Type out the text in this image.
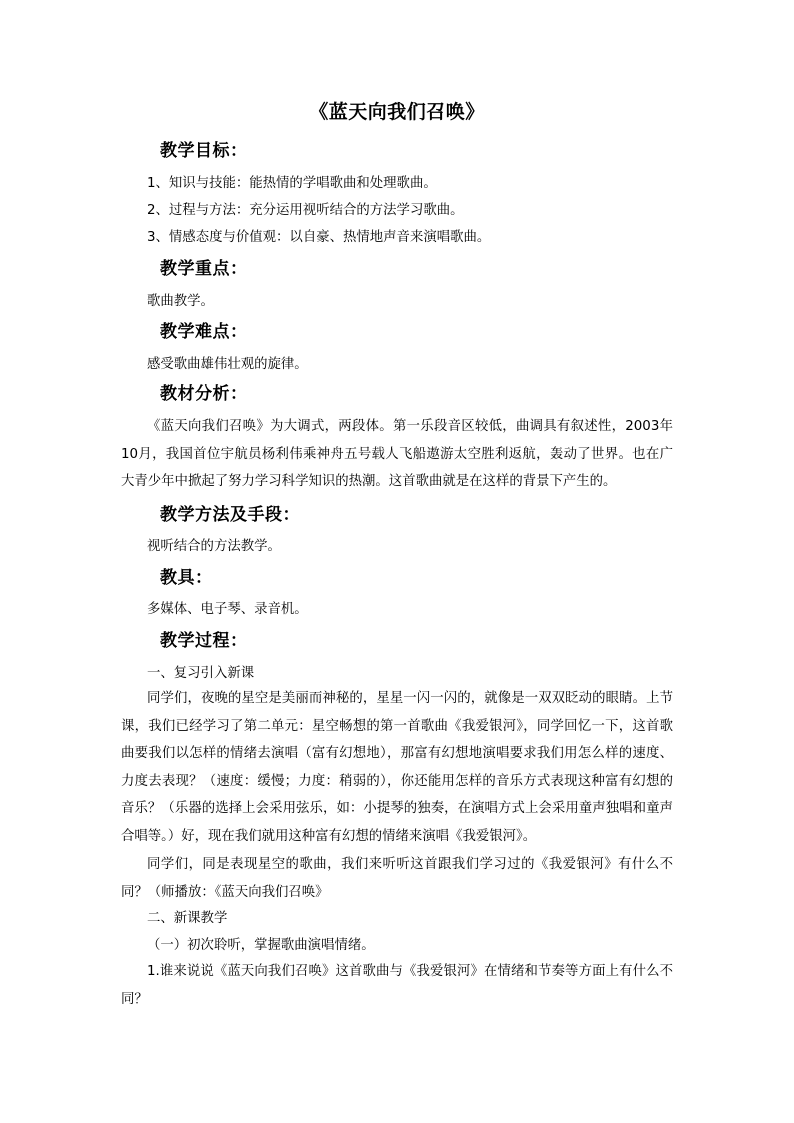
《蓝天向我们召唤》
教学目标：
1、知识与技能：能热情的学唱歌曲和处理歌曲。
2、过程与方法：充分运用视听结合的方法学习歌曲。
3、情感态度与价值观：以自豪、热情地声音来演唱歌曲。
教学重点：
歌曲教学。
教学难点：
感受歌曲雄伟壮观的旋律。
教材分析：
《蓝天向我们召唤》为大调式，两段体。第一乐段音区较低，曲调具有叙述性，2003年10月，我国首位宇航员杨利伟乘神舟五号载人飞船遨游太空胜利返航，轰动了世界。也在广大青少年中掀起了努力学习科学知识的热潮。这首歌曲就是在这样的背景下产生的。
教学方法及手段：
视听结合的方法教学。
教具：
多媒体、电子琴、录音机。
教学过程：
一、复习引入新课
同学们，夜晚的星空是美丽而神秘的，星星一闪一闪的，就像是一双双眨动的眼睛。上节课，我们已经学习了第二单元：星空畅想的第一首歌曲《我爱银河》，同学回忆一下，这首歌曲要我们以怎样的情绪去演唱（富有幻想地），那富有幻想地演唱要求我们用怎么样的速度、力度去表现？（速度：缓慢；力度：稍弱的），你还能用怎样的音乐方式表现这种富有幻想的音乐？（乐器的选择上会采用弦乐，如：小提琴的独奏，在演唱方式上会采用童声独唱和童声合唱等。）好，现在我们就用这种富有幻想的情绪来演唱《我爱银河》。
同学们，同是表现星空的歌曲，我们来听听这首跟我们学习过的《我爱银河》有什么不同？（师播放：《蓝天向我们召唤》
二、新课教学
（一）初次聆听，掌握歌曲演唱情绪。
1.谁来说说《蓝天向我们召唤》这首歌曲与《我爱银河》在情绪和节奏等方面上有什么不同？
